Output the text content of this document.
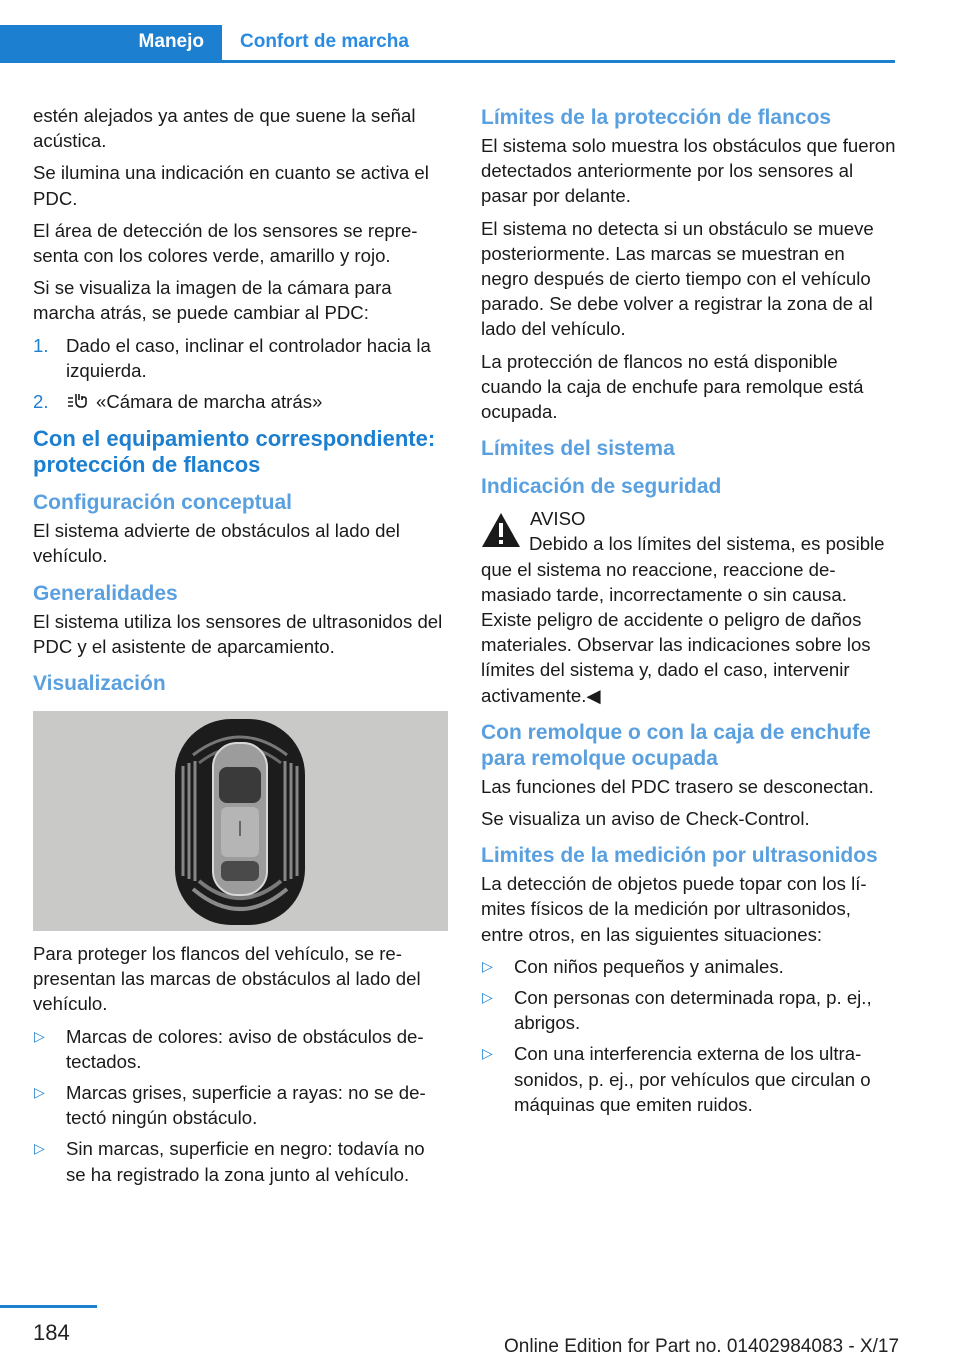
Manejo	Confort de marcha

estén alejados ya antes de que suene la señal acústica.

Se ilumina una indicación en cuanto se activa el PDC.

El área de detección de los sensores se representa con los colores verde, amarillo y rojo.

Si se visualiza la imagen de la cámara para marcha atrás, se puede cambiar al PDC:

1. Dado el caso, inclinar el controlador hacia la izquierda.
2.	«Cámara de marcha atrás»
Con el equipamiento correspondiente: protección de flancos
Configuración conceptual

El sistema advierte de obstáculos al lado del vehículo.

Generalidades

El sistema utiliza los sensores de ultrasonidos del PDC y el asistente de aparcamiento.

Visualización

Para proteger los flancos del vehículo, se representan las marcas de obstáculos al lado del vehículo.

▷ Marcas de colores: aviso de obstáculos detectados.
▷ Marcas grises, superficie a rayas: no se detectó ningún obstáculo.
▷ Sin marcas, superficie en negro: todavía no se ha registrado la zona junto al vehículo.
Límites de la protección de flancos

El sistema solo muestra los obstáculos que fueron detectados anteriormente por los sensores al pasar por delante.

El sistema no detecta si un obstáculo se mueve posteriormente. Las marcas se muestran en negro después de cierto tiempo con el vehículo parado. Se debe volver a registrar la zona de al lado del vehículo.

La protección de flancos no está disponible cuando la caja de enchufe para remolque está ocupada.

Límites del sistema
Indicación de seguridad
AVISO

Debido a los límites del sistema, es posible que el sistema no reaccione, reaccione demasiado tarde, incorrectamente o sin causa. Existe peligro de accidente o peligro de daños materiales. Observar las indicaciones sobre los límites del sistema y, dado el caso, intervenir activamente.◀

Con remolque o con la caja de enchufe para remolque ocupada

Las funciones del PDC trasero se desconectan.

Se visualiza un aviso de Check-Control.

Limites de la medición por ultrasonidos

La detección de objetos puede topar con los límites físicos de la medición por ultrasonidos, entre otros, en las siguientes situaciones:

▷ Con niños pequeños y animales.
▷ Con personas con determinada ropa, p. ej., abrigos.
▷ Con una interferencia externa de los ultrasonidos, p. ej., por vehículos que circulan o máquinas que emiten ruidos.
184
Online Edition for Part no. 01402984083 - X/17
